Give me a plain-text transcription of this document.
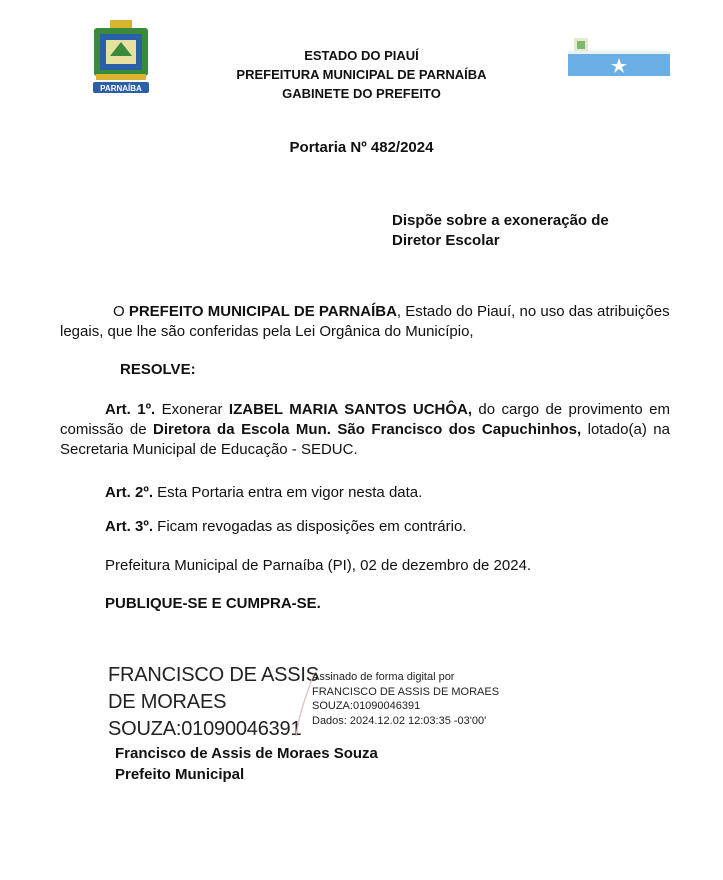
PARNAÍBA
ESTADO DO PIAUÍ
PREFEITURA MUNICIPAL DE PARNAÍBA
GABINETE DO PREFEITO
Portaria Nº 482/2024
Dispõe sobre a exoneração de
Diretor Escolar
O PREFEITO MUNICIPAL DE PARNAÍBA, Estado do Piauí, no uso das atribuições legais, que lhe são conferidas pela Lei Orgânica do Município,
RESOLVE:
Art. 1º. Exonerar IZABEL MARIA SANTOS UCHÔA, do cargo de provimento em comissão de Diretora da Escola Mun. São Francisco dos Capuchinhos, lotado(a) na Secretaria Municipal de Educação - SEDUC.
Art. 2º. Esta Portaria entra em vigor nesta data.
Art. 3º. Ficam revogadas as disposições em contrário.
Prefeitura Municipal de Parnaíba (PI), 02 de dezembro de 2024.
PUBLIQUE-SE E CUMPRA-SE.
FRANCISCO DE ASSIS
DE MORAES
SOUZA:01090046391
Assinado de forma digital por
FRANCISCO DE ASSIS DE MORAES
SOUZA:01090046391
Dados: 2024.12.02 12:03:35 -03'00'
Francisco de Assis de Moraes Souza
Prefeito Municipal
